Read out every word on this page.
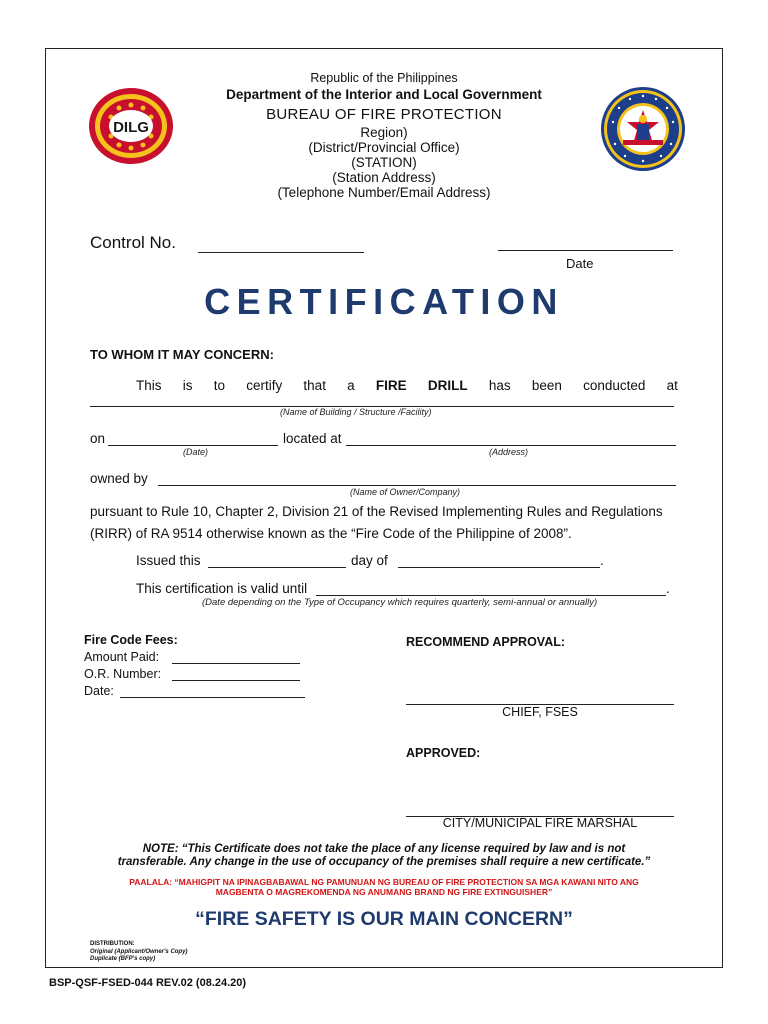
DILG
Republic of the Philippines
Department of the Interior and Local Government
BUREAU OF FIRE PROTECTION
Region)
(District/Provincial Office)
(STATION)
(Station Address)
(Telephone Number/Email Address)
Control No.
Date
CERTIFICATION
TO WHOM IT MAY CONCERN:
This is to certify that a FIRE DRILL has been conducted at
(Name of Building / Structure /Facility)
on	located at
(Date)	(Address)
owned by
(Name of Owner/Company)
pursuant to Rule 10, Chapter 2, Division 21 of the Revised Implementing Rules and Regulations
(RIRR) of RA 9514 otherwise known as the “Fire Code of the Philippine of 2008”.
Issued this	day of	.
This certification is valid until	.
(Date depending on the Type of Occupancy which requires quarterly, semi-annual or annually)
Fire Code Fees:
Amount Paid:
O.R. Number:
Date:
RECOMMEND APPROVAL:
CHIEF, FSES
APPROVED:
CITY/MUNICIPAL FIRE MARSHAL
NOTE: “This Certificate does not take the place of any license required by law and is not
transferable. Any change in the use of occupancy of the premises shall require a new certificate.”
PAALALA: “MAHIGPIT NA IPINAGBABAWAL NG PAMUNUAN NG BUREAU OF FIRE PROTECTION SA MGA KAWANI NITO ANG
MAGBENTA O MAGREKOMENDA NG ANUMANG BRAND NG FIRE EXTINGUISHER”
“FIRE SAFETY IS OUR MAIN CONCERN”
DISTRIBUTION:
Original (Applicant/Owner's Copy)
Duplicate (BFP's copy)
BSP-QSF-FSED-044 REV.02 (08.24.20)
